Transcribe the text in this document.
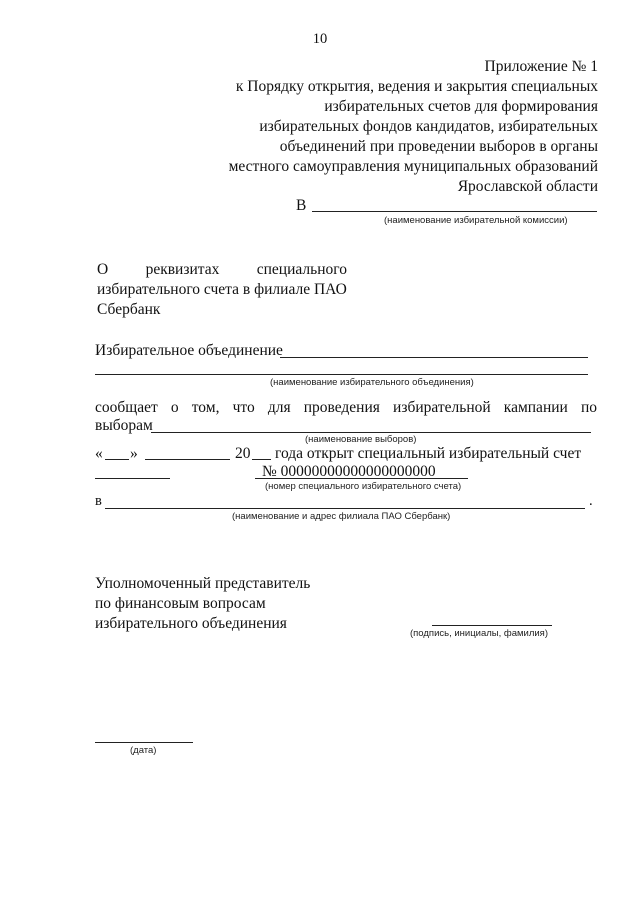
10
Приложение № 1
к Порядку открытия, ведения и закрытия специальных
избирательных счетов для формирования
избирательных фондов кандидатов, избирательных
объединений при проведении выборов в органы
местного самоуправления муниципальных образований
Ярославской области
В
(наименование избирательной комиссии)
О реквизитах специального
избирательного счета в филиале ПАО
Сбербанк
Избирательное объединение
(наименование избирательного объединения)
сообщает о том, что для проведения избирательной кампании по
выборам
(наименование выборов)
« »	20 года открыт специальный избирательный счет
№ 00000000000000000000
(номер специального избирательного счета)
в	.
(наименование и адрес филиала ПАО Сбербанк)
Уполномоченный представитель
по финансовым вопросам
избирательного объединения
(подпись, инициалы, фамилия)
(дата)
